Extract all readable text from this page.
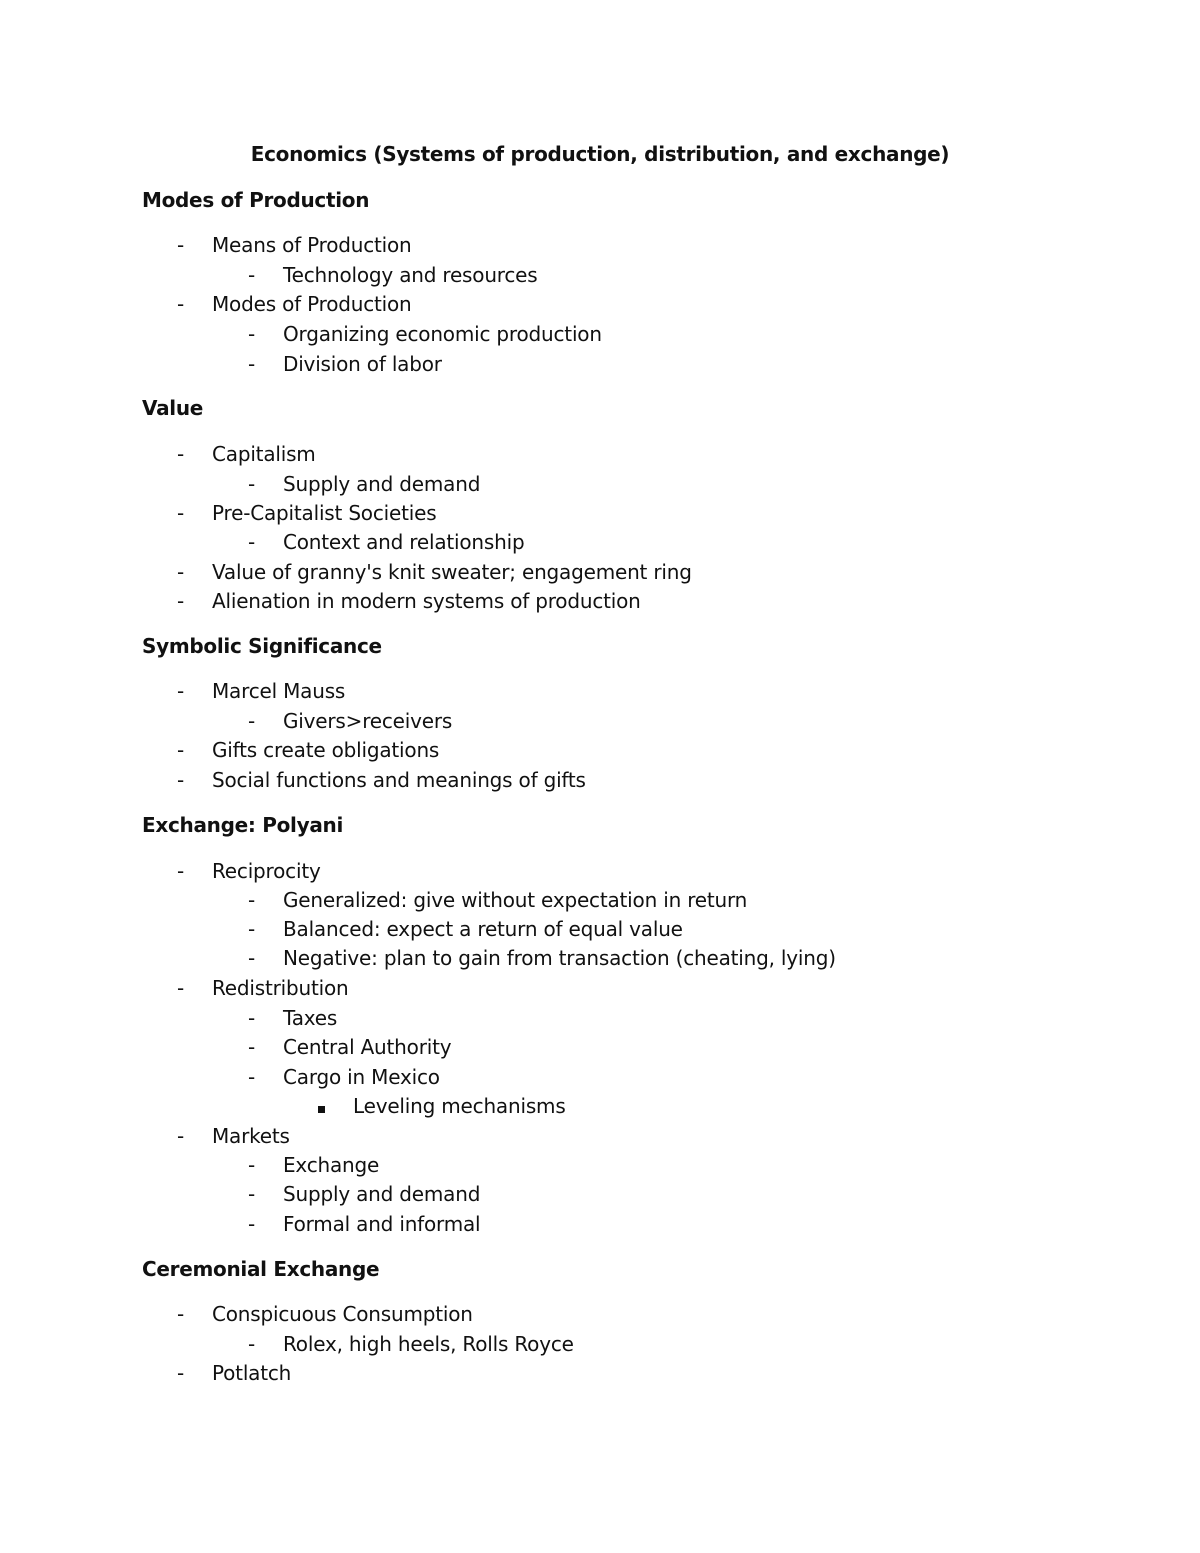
Economics (Systems of production, distribution, and exchange)
Modes of Production
- Means of Production
- Technology and resources
- Modes of Production
- Organizing economic production
- Division of labor
Value
- Capitalism
- Supply and demand
- Pre-Capitalist Societies
- Context and relationship
- Value of granny's knit sweater; engagement ring
- Alienation in modern systems of production
Symbolic Significance
- Marcel Mauss
- Givers>receivers
- Gifts create obligations
- Social functions and meanings of gifts
Exchange: Polyani
- Reciprocity
- Generalized: give without expectation in return
- Balanced: expect a return of equal value
- Negative: plan to gain from transaction (cheating, lying)
- Redistribution
- Taxes
- Central Authority
- Cargo in Mexico
Leveling mechanisms
- Markets
- Exchange
- Supply and demand
- Formal and informal
Ceremonial Exchange
- Conspicuous Consumption
- Rolex, high heels, Rolls Royce
- Potlatch
